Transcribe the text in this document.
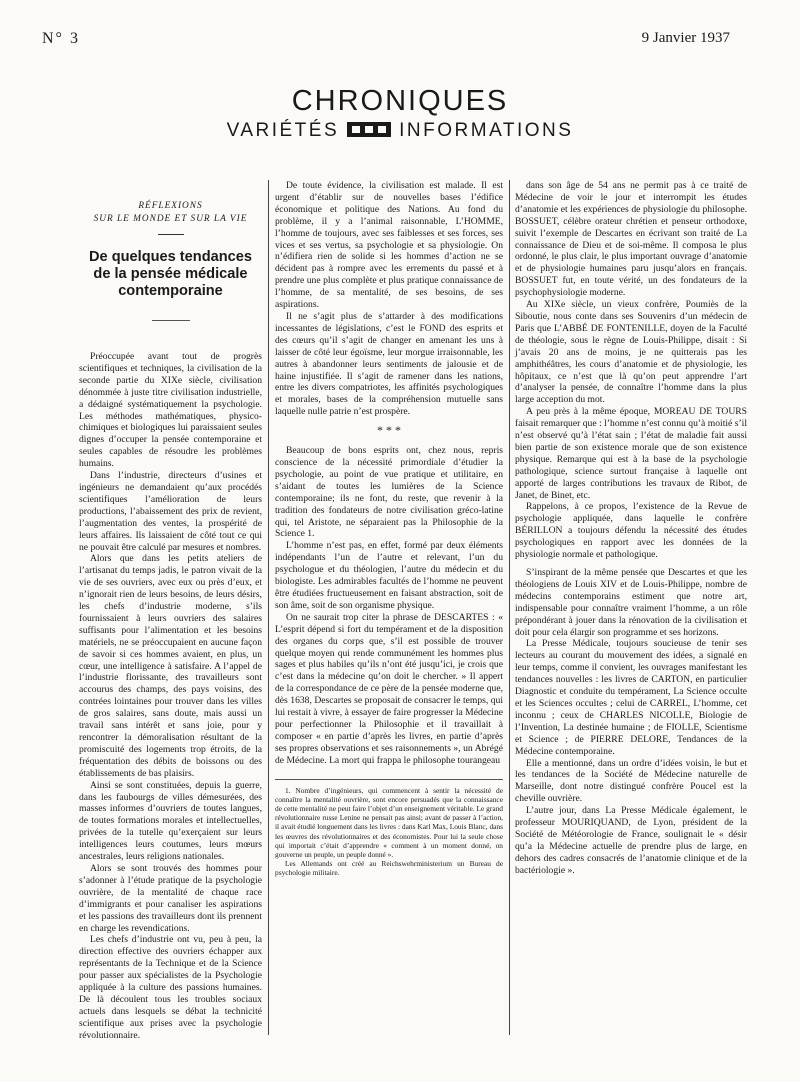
N° 3	9 Janvier 1937
CHRONIQUES
VARIÉTÉS	INFORMATIONS
RÉFLEXIONS
SUR LE MONDE ET SUR LA VIE
De quelques tendances de la pensée médicale contemporaine

Préoccupée avant tout de progrès scientifiques et techniques, la civilisation de la seconde partie du XIXe siècle, civilisation dénommée à juste titre civilisation industrielle, a dédaigné systématiquement la psychologie. Les méthodes mathématiques, physico-chimiques et biologiques lui paraissaient seules dignes d’occuper la pensée contemporaine et seules capables de résoudre les problèmes humains.

Dans l’industrie, directeurs d’usines et ingénieurs ne demandaient qu’aux procédés scientifiques l’amélioration de leurs productions, l’abaissement des prix de revient, l’augmentation des ventes, la prospérité de leurs affaires. Ils laissaient de côté tout ce qui ne pouvait être calculé par mesures et nombres.

Alors que dans les petits ateliers de l’artisanat du temps jadis, le patron vivait de la vie de ses ouvriers, avec eux ou près d’eux, et n’ignorait rien de leurs besoins, de leurs désirs, les chefs d’industrie moderne, s’ils fournissaient à leurs ouvriers des salaires suffisants pour l’alimentation et les besoins matériels, ne se préoccupaient en aucune façon de savoir si ces hommes avaient, en plus, un cœur, une intelligence à satisfaire. A l’appel de l’industrie florissante, des travailleurs sont accourus des champs, des pays voisins, des contrées lointaines pour trouver dans les villes de gros salaires, sans doute, mais aussi un travail sans intérêt et sans joie, pour y rencontrer la démoralisation résultant de la promiscuité des logements trop étroits, de la fréquentation des débits de boissons ou des établissements de bas plaisirs.

Ainsi se sont constituées, depuis la guerre, dans les faubourgs de villes démesurées, des masses informes d’ouvriers de toutes langues, de toutes formations morales et intellectuelles, privées de la tutelle qu’exerçaient sur leurs intelligences leurs coutumes, leurs mœurs ancestrales, leurs religions nationales.

Alors se sont trouvés des hommes pour s’adonner à l’étude pratique de la psychologie ouvrière, de la mentalité de chaque race d’immigrants et pour canaliser les aspirations et les passions des travailleurs dont ils prennent en charge les revendications.

Les chefs d’industrie ont vu, peu à peu, la direction effective des ouvriers échapper aux représentants de la Technique et de la Science pour passer aux spécialistes de la Psychologie appliquée à la culture des passions humaines. De là découlent tous les troubles sociaux actuels dans lesquels se débat la technicité scientifique aux prises avec la psychologie révolutionnaire.

De toute évidence, la civilisation est malade. Il est urgent d’établir sur de nouvelles bases l’édifice économique et politique des Nations. Au fond du problème, il y a l’animal raisonnable, L’HOMME, l’homme de toujours, avec ses faiblesses et ses forces, ses vices et ses vertus, sa psychologie et sa physiologie. On n’édifiera rien de solide si les hommes d’action ne se décident pas à rompre avec les errements du passé et à prendre une plus complète et plus pratique connaissance de l’homme, de sa mentalité, de ses besoins, de ses aspirations.

Il ne s’agit plus de s’attarder à des modifications incessantes de législations, c’est le FOND des esprits et des cœurs qu’il s’agit de changer en amenant les uns à laisser de côté leur égoïsme, leur morgue irraisonnable, les autres à abandonner leurs sentiments de jalousie et de haine injustifiée. Il s’agit de ramener dans les nations, entre les divers compatriotes, les affinités psychologiques et morales, bases de la compréhension mutuelle sans laquelle nulle patrie n’est prospère.

* * *

Beaucoup de bons esprits ont, chez nous, repris conscience de la nécessité primordiale d’étudier la psychologie, au point de vue pratique et utilitaire, en s’aidant de toutes les lumières de la Science contemporaine; ils ne font, du reste, que revenir à la tradition des fondateurs de notre civilisation gréco-latine qui, tel Aristote, ne séparaient pas la Philosophie de la Science 1.

L’homme n’est pas, en effet, formé par deux éléments indépendants l’un de l’autre et relevant, l’un du psychologue et du théologien, l’autre du médecin et du biologiste. Les admirables facultés de l’homme ne peuvent être étudiées fructueusement en faisant abstraction, soit de son âme, soit de son organisme physique.

On ne saurait trop citer la phrase de DESCARTES : « L’esprit dépend si fort du tempérament et de la disposition des organes du corps que, s’il est possible de trouver quelque moyen qui rende communément les hommes plus sages et plus habiles qu’ils n’ont été jusqu’ici, je crois que c’est dans la médecine qu’on doit le chercher. » Il appert de la correspondance de ce père de la pensée moderne que, dès 1638, Descartes se proposait de consacrer le temps, qui lui restait à vivre, à essayer de faire progresser la Médecine pour perfectionner la Philosophie et il travaillait à composer « en partie d’après les livres, en partie d’après ses propres observations et ses raisonnements », un Abrégé de Médecine. La mort qui frappa le philosophe tourangeau

1. Nombre d’ingénieurs, qui commencent à sentir la nécessité de connaître la mentalité ouvrière, sont encore persuadés que la connaissance de cette mentalité ne peut faire l’objet d’un enseignement véritable. Le grand révolutionnaire russe Lenine ne pensait pas ainsi; avant de passer à l’action, il avait étudié longuement dans les livres : dans Karl Max, Louis Blanc, dans les œuvres des révolutionnaires et des économistes. Pour lui la seule chose qui importait c’était d’apprendre « comment à un moment donné, on gouverne un peuple, un peuple donné ».

Les Allemands ont créé au Reichswehrministerium un Bureau de psychologie militaire.

dans son âge de 54 ans ne permit pas à ce traité de Médecine de voir le jour et interrompit les études d’anatomie et les expériences de physiologie du philosophe. BOSSUET, célèbre orateur chrétien et penseur orthodoxe, suivit l’exemple de Descartes en écrivant son traité de La connaissance de Dieu et de soi-même. Il composa le plus ordonné, le plus clair, le plus important ouvrage d’anatomie et de physiologie humaines paru jusqu’alors en français. BOSSUET fut, en toute vérité, un des fondateurs de la psychophysiologie moderne.

Au XIXe siècle, un vieux confrère, Poumiès de la Siboutie, nous conte dans ses Souvenirs d’un médecin de Paris que L’ABBÉ DE FONTENILLE, doyen de la Faculté de théologie, sous le règne de Louis-Philippe, disait : Si j’avais 20 ans de moins, je ne quitterais pas les amphithéâtres, les cours d’anatomie et de physiologie, les hôpitaux, ce n’est que là qu’on peut apprendre l’art d’analyser la pensée, de connaître l’homme dans la plus large acception du mot.

A peu près à la même époque, MOREAU DE TOURS faisait remarquer que : l’homme n’est connu qu’à moitié s’il n’est observé qu’à l’état sain ; l’état de maladie fait aussi bien partie de son existence morale que de son existence physique. Remarque qui est à la base de la psychologie pathologique, science surtout française à laquelle ont apporté de larges contributions les travaux de Ribot, de Janet, de Binet, etc.

Rappelons, à ce propos, l’existence de la Revue de psychologie appliquée, dans laquelle le confrère BÉRILLON a toujours défendu la nécessité des études psychologiques en rapport avec les données de la physiologie normale et pathologique.

S’inspirant de la même pensée que Descartes et que les théologiens de Louis XIV et de Louis-Philippe, nombre de médecins contemporains estiment que notre art, indispensable pour connaître vraiment l’homme, a un rôle prépondérant à jouer dans la rénovation de la civilisation et doit pour cela élargir son programme et ses horizons.

La Presse Médicale, toujours soucieuse de tenir ses lecteurs au courant du mouvement des idées, a signalé en leur temps, comme il convient, les ouvrages manifestant les tendances nouvelles : les livres de CARTON, en particulier Diagnostic et conduite du tempérament, La Science occulte et les Sciences occultes ; celui de CARREL, L’homme, cet inconnu ; ceux de CHARLES NICOLLE, Biologie de l’Invention, La destinée humaine ; de FIOLLE, Scientisme et Science ; de PIERRE DELORE, Tendances de la Médecine contemporaine.

Elle a mentionné, dans un ordre d’idées voisin, le but et les tendances de la Société de Médecine naturelle de Marseille, dont notre distingué confrère Poucel est la cheville ouvrière.

L’autre jour, dans La Presse Médicale également, le professeur MOURIQUAND, de Lyon, président de la Société de Météorologie de France, soulignait le « désir qu’a la Médecine actuelle de prendre plus de large, en dehors des cadres consacrés de l’anatomie clinique et de la bactériologie ».
